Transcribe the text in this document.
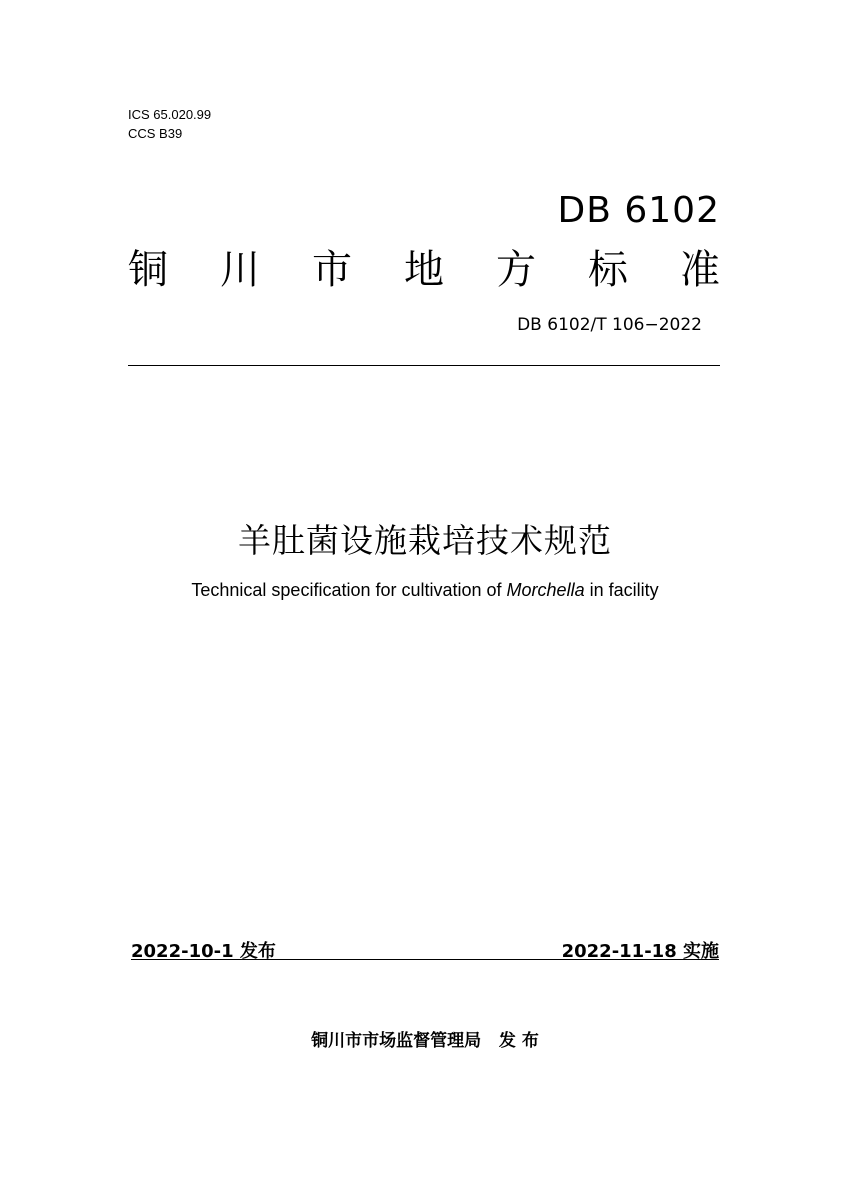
ICS 65.020.99
CCS B39
DB 6102
铜 川 市 地 方 标 准
DB 6102/T 106−2022
羊肚菌设施栽培技术规范
Technical specification for cultivation of Morchella in facility
2022-10-1 发布	2022-11-18 实施
铜川市市场监督管理局   发 布
